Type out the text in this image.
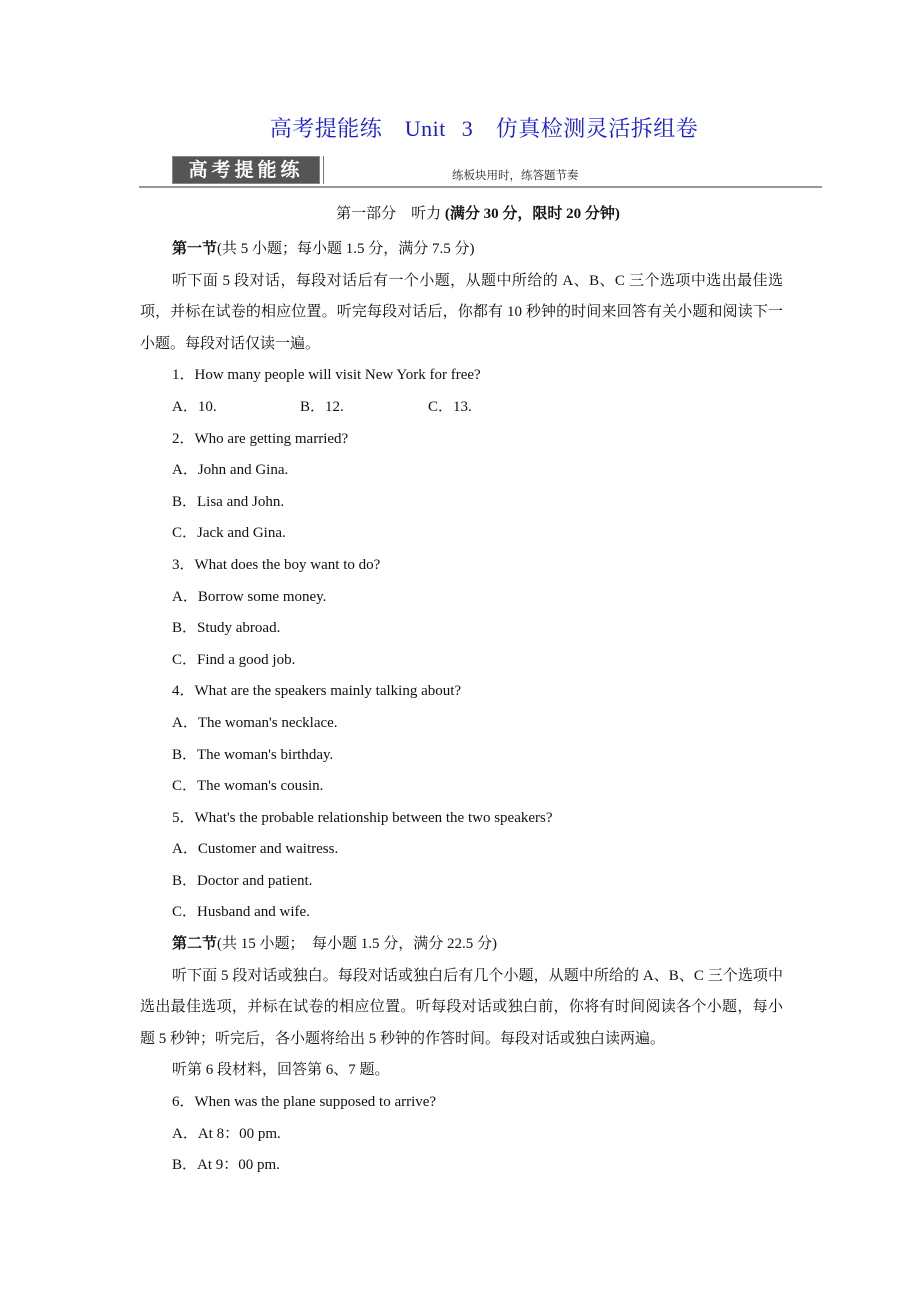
高考提能练　Unit 3　仿真检测灵活拆组卷
高考提能练	练板块用时，练答题节奏
第一部分　听力 (满分 30 分，限时 20 分钟)

第一节(共 5 小题；每小题 1.5 分，满分 7.5 分)

听下面 5 段对话，每段对话后有一个小题，从题中所给的 A、B、C 三个选项中选出最佳选项，并标在试卷的相应位置。听完每段对话后，你都有 10 秒钟的时间来回答有关小题和阅读下一小题。每段对话仅读一遍。

1．How many people will visit New York for free?

A．10.	B．12.	C．13.

2．Who are getting married?

A．John and Gina.

B．Lisa and John.

C．Jack and Gina.

3．What does the boy want to do?

A．Borrow some money.

B．Study abroad.

C．Find a good job.

4．What are the speakers mainly talking about?

A．The woman's necklace.

B．The woman's birthday.

C．The woman's cousin.

5．What's the probable relationship between the two speakers?

A．Customer and waitress.

B．Doctor and patient.

C．Husband and wife.

第二节(共 15 小题；　每小题 1.5 分，满分 22.5 分)

听下面 5 段对话或独白。每段对话或独白后有几个小题，从题中所给的 A、B、C 三个选项中选出最佳选项，并标在试卷的相应位置。听每段对话或独白前，你将有时间阅读各个小题，每小题 5 秒钟；听完后，各小题将给出 5 秒钟的作答时间。每段对话或独白读两遍。

听第 6 段材料，回答第 6、7 题。

6．When was the plane supposed to arrive?

A．At 8：00 pm.

B．At 9：00 pm.
